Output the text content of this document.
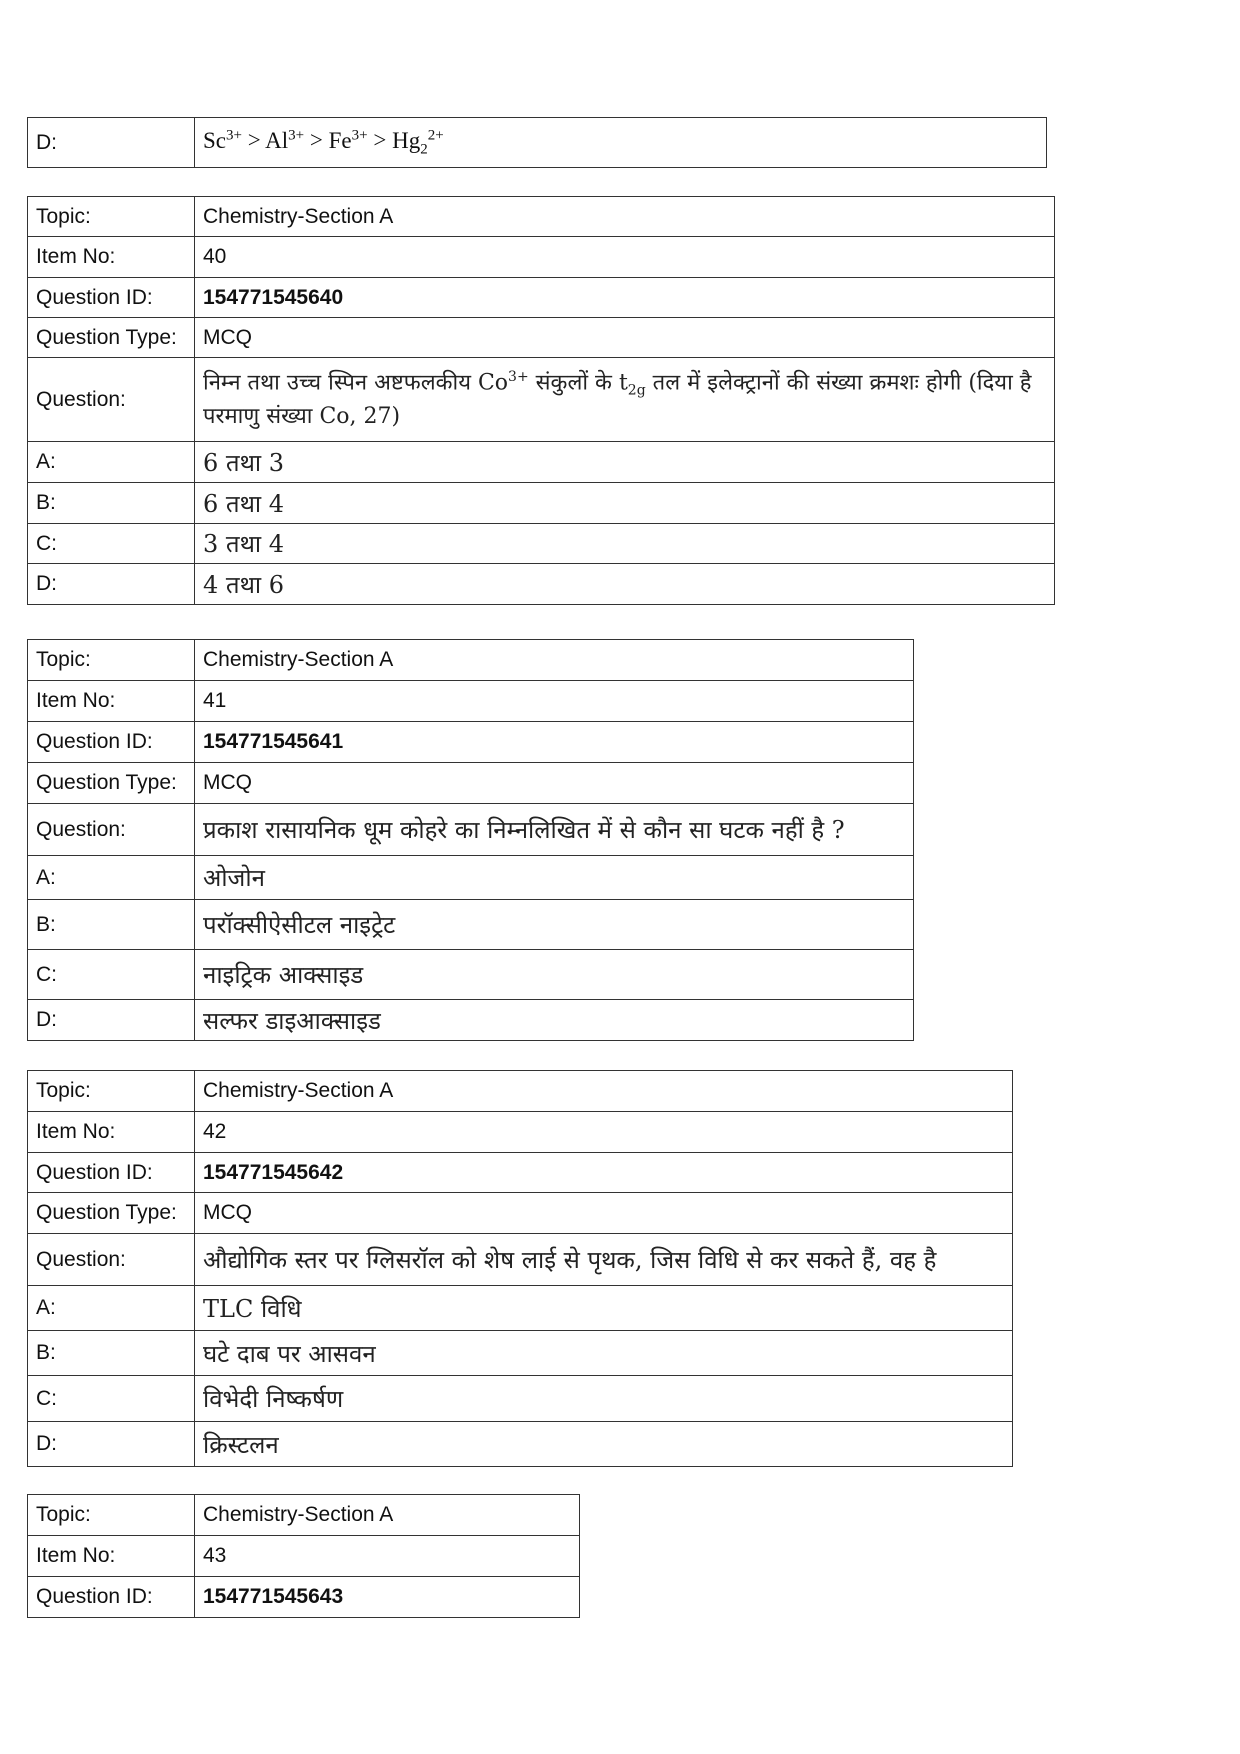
D:	$Sc^{3+} > Al^{3+} > Fe^{3+} > Hg_2^{2+}$
Topic:	Chemistry-Section A
Item No:	40
Question ID:	154771545640
Question Type:	MCQ
Question:	निम्न तथा उच्च स्पिन अष्टफलकीय $Co^{3+}$ संकुलों के $t_{2g}$ तल में इलेक्ट्रानों की संख्या क्रमशः होगी (दिया है परमाणु संख्या Co, 27)
A:	6 तथा 3
B:	6 तथा 4
C:	3 तथा 4
D:	4 तथा 6
Topic:	Chemistry-Section A
Item No:	41
Question ID:	154771545641
Question Type:	MCQ
Question:	प्रकाश रासायनिक धूम कोहरे का निम्नलिखित में से कौन सा घटक नहीं है ?
A:	ओजोन
B:	परॉक्सीऐसीटल नाइट्रेट
C:	नाइट्रिक आक्साइड
D:	सल्फर डाइआक्साइड
Topic:	Chemistry-Section A
Item No:	42
Question ID:	154771545642
Question Type:	MCQ
Question:	औद्योगिक स्तर पर ग्लिसरॉल को शेष लाई से पृथक, जिस विधि से कर सकते हैं, वह है
A:	TLC विधि
B:	घटे दाब पर आसवन
C:	विभेदी निष्कर्षण
D:	क्रिस्टलन
Topic:	Chemistry-Section A
Item No:	43
Question ID:	154771545643
